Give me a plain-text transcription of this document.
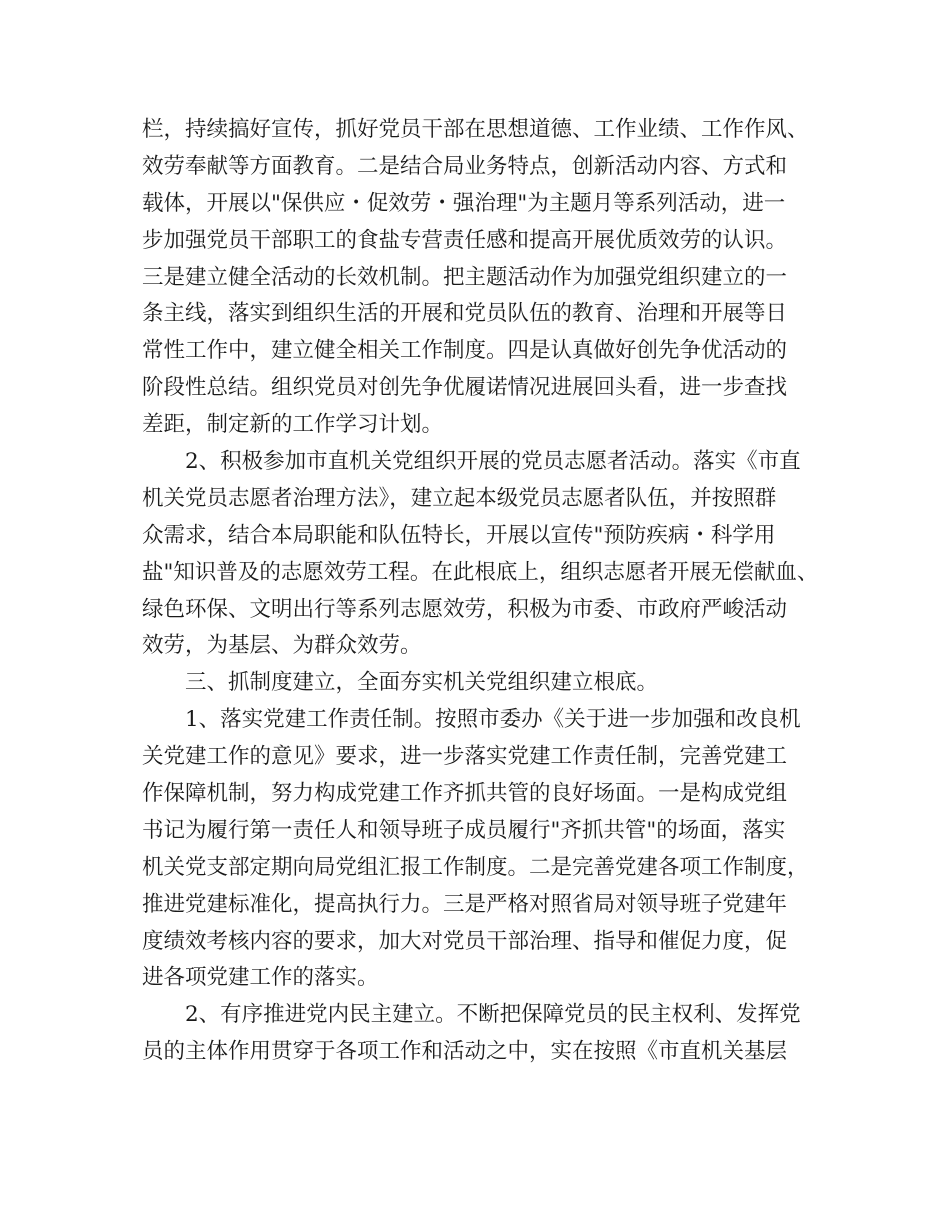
栏，持续搞好宣传，抓好党员干部在思想道德、工作业绩、工作作风、
效劳奉献等方面教育。二是结合局业务特点，创新活动内容、方式和
载体，开展以"保供应・促效劳・强治理"为主题月等系列活动，进一
步加强党员干部职工的食盐专营责任感和提高开展优质效劳的认识。
三是建立健全活动的长效机制。把主题活动作为加强党组织建立的一
条主线，落实到组织生活的开展和党员队伍的教育、治理和开展等日
常性工作中，建立健全相关工作制度。四是认真做好创先争优活动的
阶段性总结。组织党员对创先争优履诺情况进展回头看，进一步查找
差距，制定新的工作学习计划。
2、积极参加市直机关党组织开展的党员志愿者活动。落实《市直
机关党员志愿者治理方法》，建立起本级党员志愿者队伍，并按照群
众需求，结合本局职能和队伍特长，开展以宣传"预防疾病・科学用
盐"知识普及的志愿效劳工程。在此根底上，组织志愿者开展无偿献血、
绿色环保、文明出行等系列志愿效劳，积极为市委、市政府严峻活动
效劳，为基层、为群众效劳。
三、抓制度建立，全面夯实机关党组织建立根底。
1、落实党建工作责任制。按照市委办《关于进一步加强和改良机
关党建工作的意见》要求，进一步落实党建工作责任制，完善党建工
作保障机制，努力构成党建工作齐抓共管的良好场面。一是构成党组
书记为履行第一责任人和领导班子成员履行"齐抓共管"的场面，落实
机关党支部定期向局党组汇报工作制度。二是完善党建各项工作制度，
推进党建标准化，提高执行力。三是严格对照省局对领导班子党建年
度绩效考核内容的要求，加大对党员干部治理、指导和催促力度，促
进各项党建工作的落实。
2、有序推进党内民主建立。不断把保障党员的民主权利、发挥党
员的主体作用贯穿于各项工作和活动之中，实在按照《市直机关基层
